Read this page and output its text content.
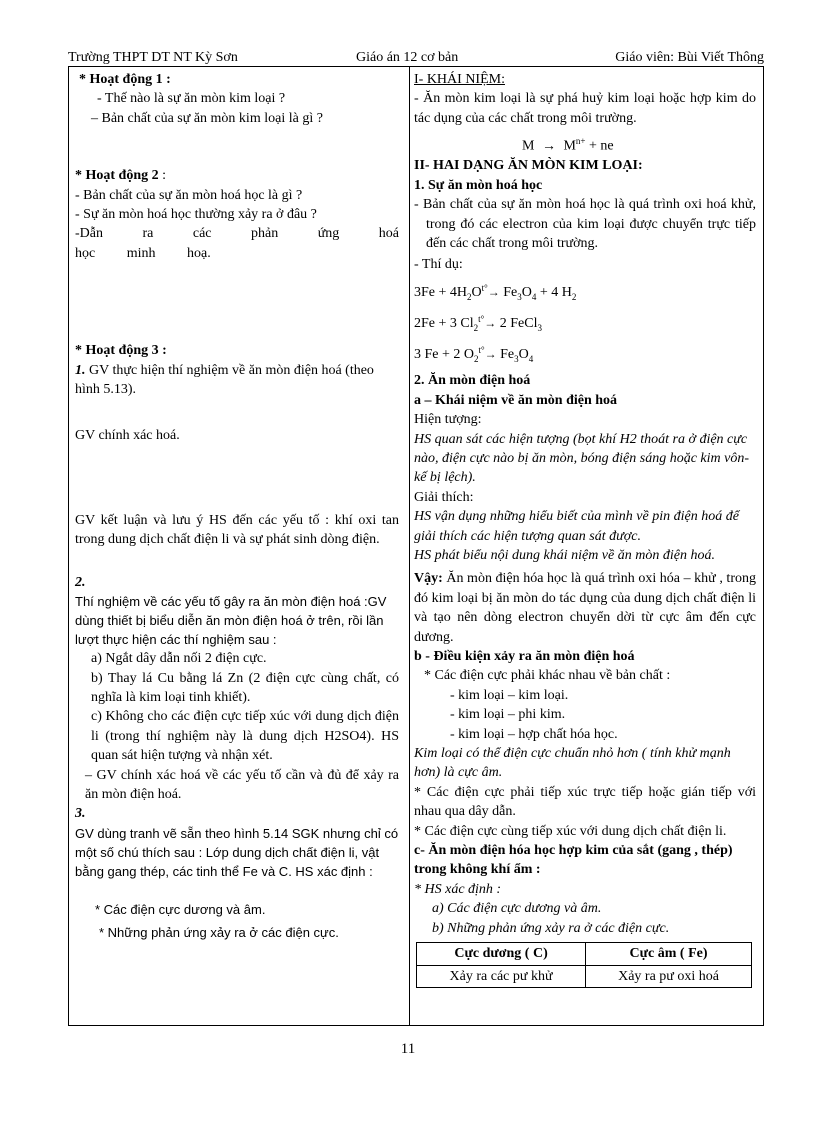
Trường THPT DT NT Kỳ Sơn	Giáo án 12 cơ bản	Giáo viên: Bùi Viết Thông

* Hoạt động 1 :

- Thế nào là sự ăn mòn kim loại ?

– Bản chất của sự ăn mòn kim loại là gì ?

* Hoạt động 2 :

- Bản chất của sự ăn mòn hoá học là gì ?

- Sự ăn mòn hoá học thường xảy ra ở đâu ?

-Dẫn ra các phản ứng hoá học minh hoạ.

* Hoạt động 3 :

1. GV thực hiện thí nghiệm về ăn mòn điện hoá (theo hình 5.13).

GV chính xác hoá.

GV kết luận và lưu ý HS đến các yếu tố : khí oxi tan trong dung dịch chất điện li và sự phát sinh dòng điện.

2.

Thí nghiệm về các yếu tố gây ra ăn mòn điện hoá :GV dùng thiết bị biểu diễn ăn mòn điện hoá ở trên, rồi lần lượt thực hiện các thí nghiệm sau :

a) Ngắt dây dẫn nối 2 điện cực.

b) Thay lá Cu bằng lá Zn (2 điện cực cùng chất, có nghĩa là kim loại tinh khiết).

c) Không cho các điện cực tiếp xúc với dung dịch điện li (trong thí nghiệm này là dung dịch H2SO4). HS quan sát hiện tượng và nhận xét.

– GV chính xác hoá về các yếu tố cần và đủ để xảy ra ăn mòn điện hoá.

3.

GV dùng tranh vẽ sẵn theo hình 5.14 SGK nhưng chỉ có một số chú thích sau : Lớp dung dịch chất điện li, vật bằng gang thép, các tinh thể Fe và C. HS xác định :

* Các điện cực dương và âm.

* Những phản ứng xảy ra ở các điện cực.

I- KHÁI NIỆM:

- Ăn mòn kim loại là sự phá huỷ kim loại hoặc hợp kim do tác dụng của các chất trong môi trường.

$M \to M^{n+}$ + ne

II- HAI DẠNG ĂN MÒN KIM LOẠI:

1. Sự ăn mòn hoá học

- Bản chất của sự ăn mòn hoá học là quá trình oxi hoá khử, trong đó các electron của kim loại được chuyển trực tiếp đến các chất trong môi trường.

- Thí dụ:

$3Fe + 4H_2O^{t^\circ}\to Fe_3O_4 + 4$ $H_2$

2Fe + 3 $Cl_2^{t^\circ}\to 2$ FeCl$_3$

3 Fe + 2 $O_2^{t^\circ}\to Fe_3O_4$

2. Ăn mòn điện hoá

a – Khái niệm về ăn mòn điện hoá

Hiện tượng:

HS quan sát các hiện tượng (bọt khí H2 thoát ra ở điện cực nào, điện cực nào bị ăn mòn, bóng điện sáng hoặc kim vôn-kế bị lệch).

Giải thích:

HS vận dụng những hiểu biết của mình về pin điện hoá để giải thích các hiện tượng quan sát được.

HS phát biểu nội dung khái niệm về ăn mòn điện hoá.

Vậy: Ăn mòn điện hóa học là quá trình oxi hóa – khử , trong đó kim loại bị ăn mòn do tác dụng của dung dịch chất điện li và tạo nên dòng electron chuyển dời từ cực âm đến cực dương.

b - Điều kiện xảy ra ăn mòn điện hoá

* Các điện cực phải khác nhau về bản chất :

- kim loại – kim loại.

- kim loại – phi kim.

- kim loại – hợp chất hóa học.

Kim loại có thể điện cực chuẩn nhỏ hơn ( tính khử mạnh hơn) là cực âm.

* Các điện cực phải tiếp xúc trực tiếp hoặc gián tiếp với nhau qua dây dẫn.

* Các điện cực cùng tiếp xúc với dung dịch chất điện li.

c- Ăn mòn điện hóa học hợp kim của sắt (gang , thép) trong không khí ẩm :

* HS xác định :

a) Các điện cực dương và âm.

b) Những phản ứng xảy ra ở các điện cực.

Cực dương ( C)	Cực âm ( Fe)
Xảy ra các pư khử	Xảy ra pư oxi hoá
11
